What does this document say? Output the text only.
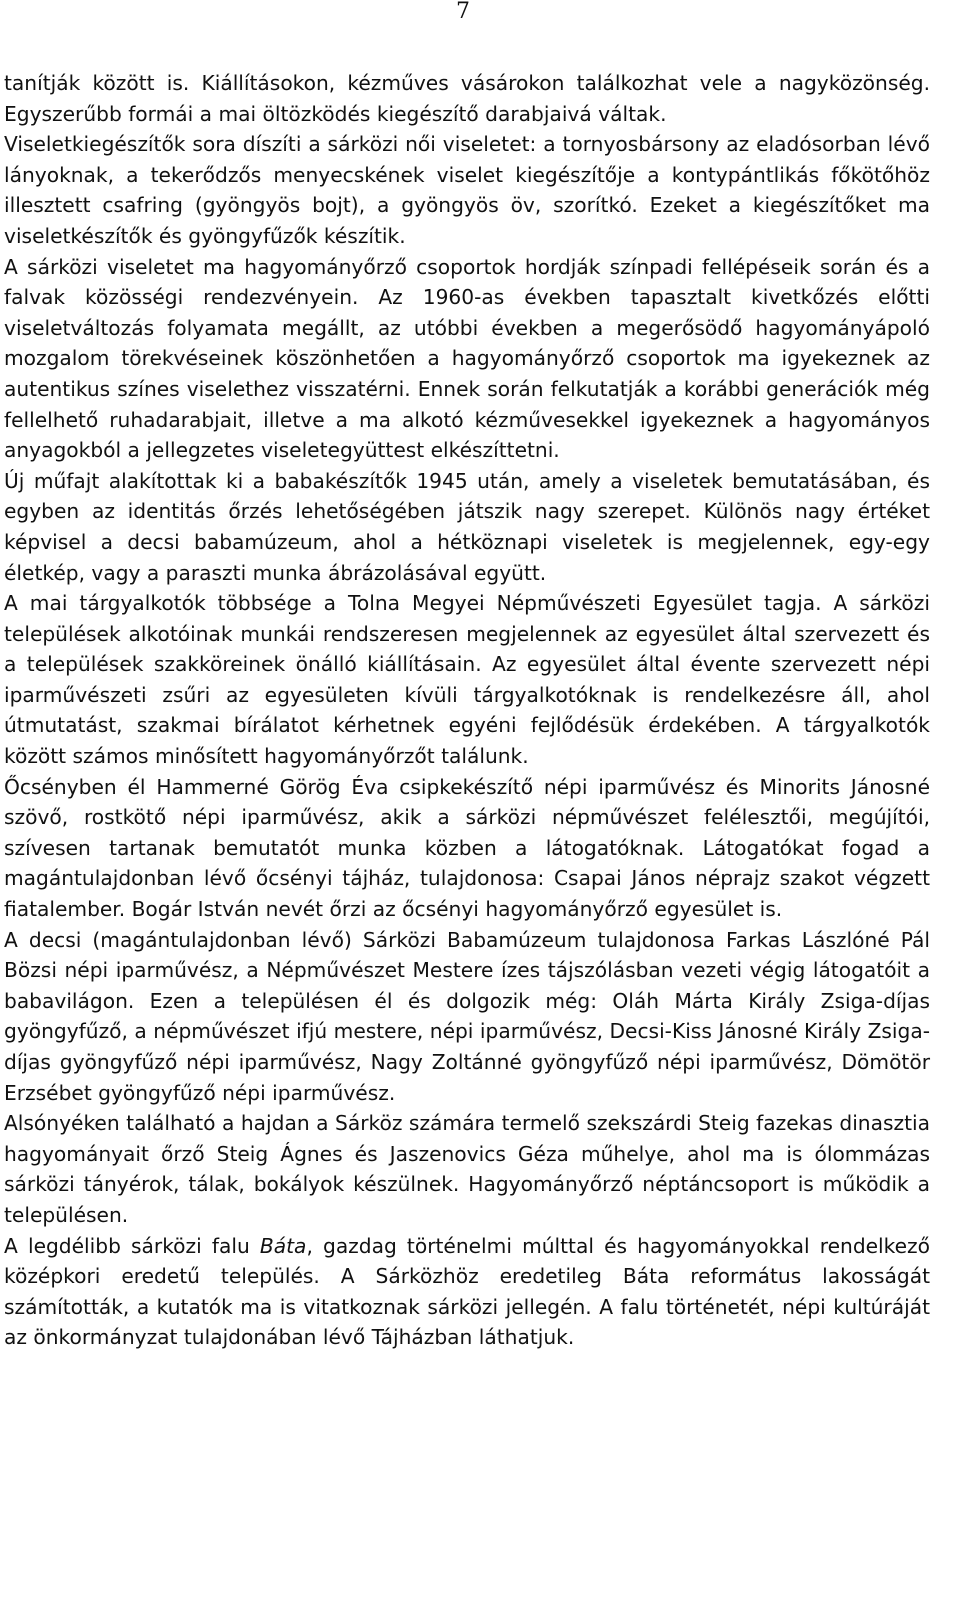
7

tanítják között is. Kiállításokon, kézműves vásárokon találkozhat vele a nagyközönség. Egyszerűbb formái a mai öltözködés kiegészítő darabjaivá váltak.

Viseletkiegészítők sora díszíti a sárközi női viseletet: a tornyosbársony az eladósorban lévő lányoknak, a tekerődzős menyecskének viselet kiegészítője a kontypántlikás főkötőhöz illesztett csafring (gyöngyös bojt), a gyöngyös öv, szorítkó. Ezeket a kiegészítőket ma viseletkészítők és gyöngyfűzők készítik.

A sárközi viseletet ma hagyományőrző csoportok hordják színpadi fellépéseik során és a falvak közösségi rendezvényein. Az 1960-as években tapasztalt kivetkőzés előtti viseletváltozás folyamata megállt, az utóbbi években a megerősödő hagyományápoló mozgalom törekvéseinek köszönhetően a hagyományőrző csoportok ma igyekeznek az autentikus színes viselethez visszatérni. Ennek során felkutatják a korábbi generációk még fellelhető ruhadarabjait, illetve a ma alkotó kézművesekkel igyekeznek a hagyományos anyagokból a jellegzetes viseletegyüttest elkészíttetni.

Új műfajt alakítottak ki a babakészítők 1945 után, amely a viseletek bemutatásában, és egyben az identitás őrzés lehetőségében játszik nagy szerepet. Különös nagy értéket képvisel a decsi babamúzeum, ahol a hétköznapi viseletek is megjelennek, egy-egy életkép, vagy a paraszti munka ábrázolásával együtt.

A mai tárgyalkotók többsége a Tolna Megyei Népművészeti Egyesület tagja. A sárközi települések alkotóinak munkái rendszeresen megjelennek az egyesület által szervezett és a települések szakköreinek önálló kiállításain. Az egyesület által évente szervezett népi iparművészeti zsűri az egyesületen kívüli tárgyalkotóknak is rendelkezésre áll, ahol útmutatást, szakmai bírálatot kérhetnek egyéni fejlődésük érdekében. A tárgyalkotók között számos minősített hagyományőrzőt találunk.

Őcsényben él Hammerné Görög Éva csipkekészítő népi iparművész és Minorits Jánosné szövő, rostkötő népi iparművész, akik a sárközi népművészet felélesztői, megújítói, szívesen tartanak bemutatót munka közben a látogatóknak. Látogatókat fogad a magántulajdonban lévő őcsényi tájház, tulajdonosa: Csapai János néprajz szakot végzett fiatalember. Bogár István nevét őrzi az őcsényi hagyományőrző egyesület is.

A decsi (magántulajdonban lévő) Sárközi Babamúzeum tulajdonosa Farkas Lászlóné Pál Bözsi népi iparművész, a Népművészet Mestere ízes tájszólásban vezeti végig látogatóit a babavilágon. Ezen a településen él és dolgozik még: Oláh Márta Király Zsiga-díjas gyöngyfűző, a népművészet ifjú mestere, népi iparművész, Decsi-Kiss Jánosné Király Zsiga-díjas gyöngyfűző népi iparművész, Nagy Zoltánné gyöngyfűző népi iparművész, Dömötör Erzsébet gyöngyfűző népi iparművész.

Alsónyéken található a hajdan a Sárköz számára termelő szekszárdi Steig fazekas dinasztia hagyományait őrző Steig Ágnes és Jaszenovics Géza műhelye, ahol ma is ólommázas sárközi tányérok, tálak, bokályok készülnek. Hagyományőrző néptáncsoport is működik a településen.

A legdélibb sárközi falu Báta, gazdag történelmi múlttal és hagyományokkal rendelkező középkori eredetű település. A Sárközhöz eredetileg Báta református lakosságát számították, a kutatók ma is vitatkoznak sárközi jellegén. A falu történetét, népi kultúráját az önkormányzat tulajdonában lévő Tájházban láthatjuk.
